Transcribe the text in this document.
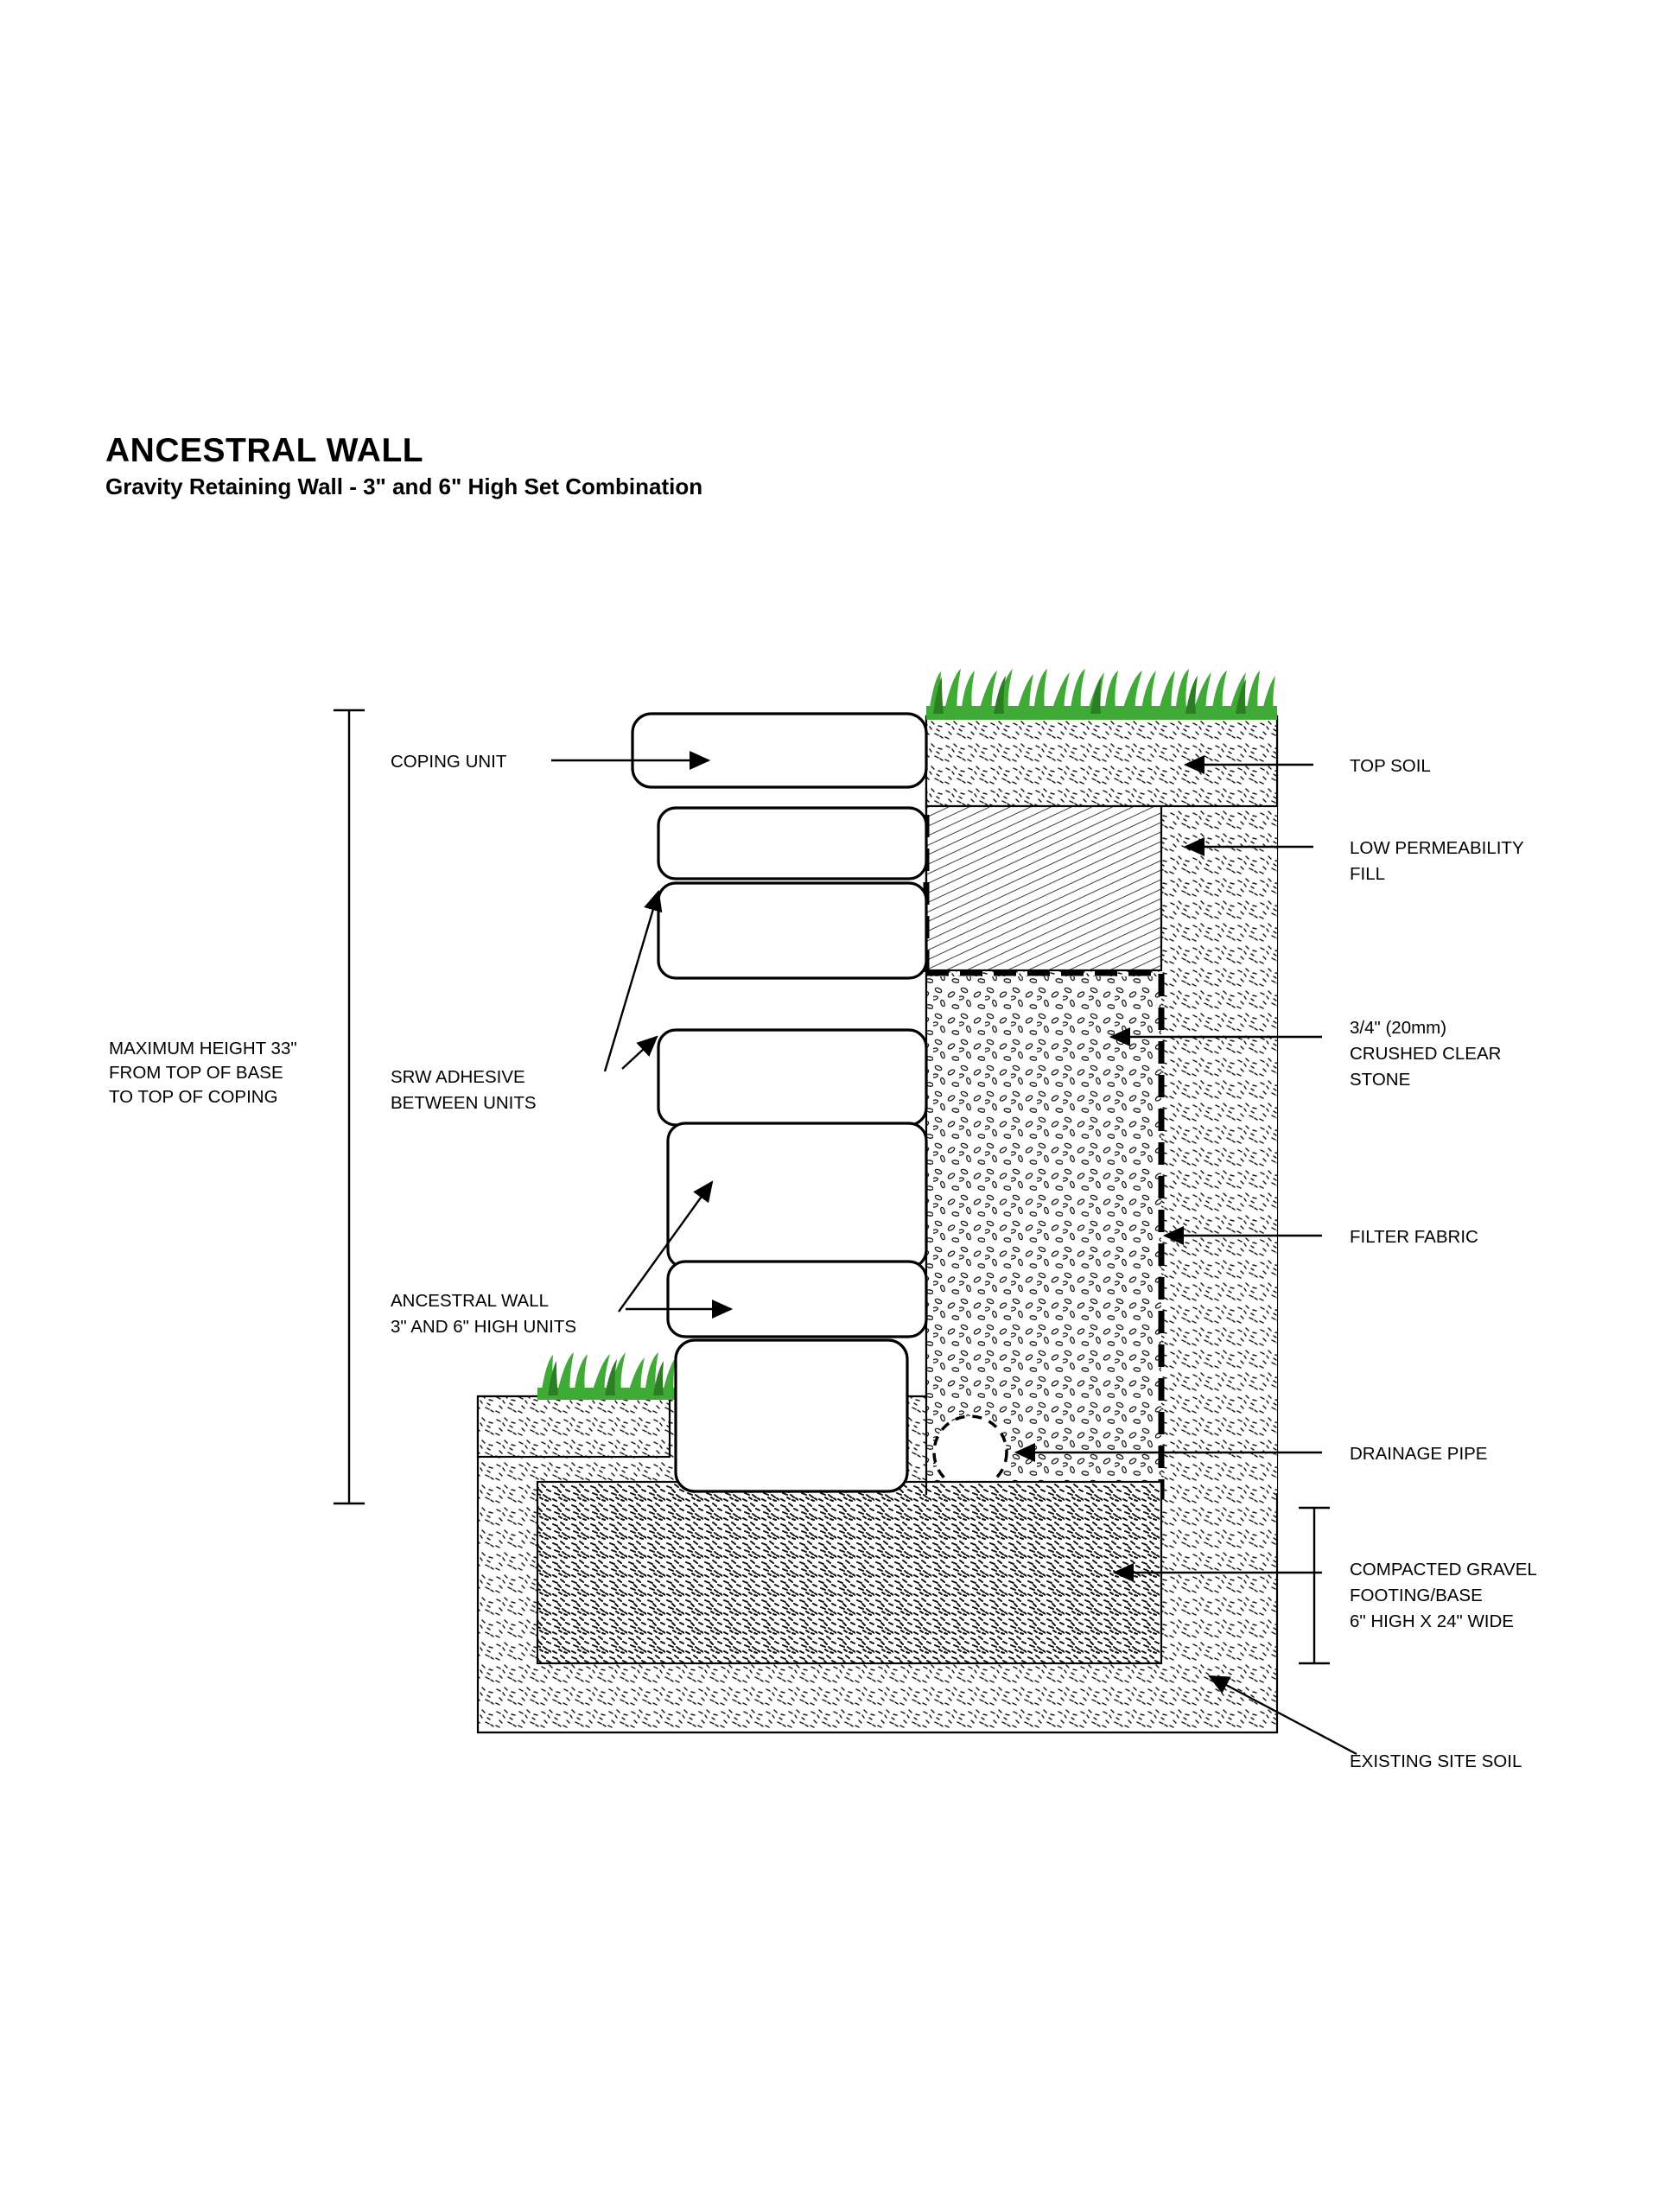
ANCESTRAL WALL
Gravity Retaining Wall - 3" and 6" High Set Combination
COPING UNIT
MAXIMUM HEIGHT 33"
FROM TOP OF BASE
TO TOP OF COPING
SRW ADHESIVE
BETWEEN UNITS
ANCESTRAL WALL
3" AND 6" HIGH UNITS
TOP SOIL
LOW PERMEABILITY
FILL
3/4" (20mm)
CRUSHED CLEAR
STONE
FILTER FABRIC
DRAINAGE PIPE
COMPACTED GRAVEL
FOOTING/BASE
6" HIGH X 24" WIDE
EXISTING SITE SOIL
